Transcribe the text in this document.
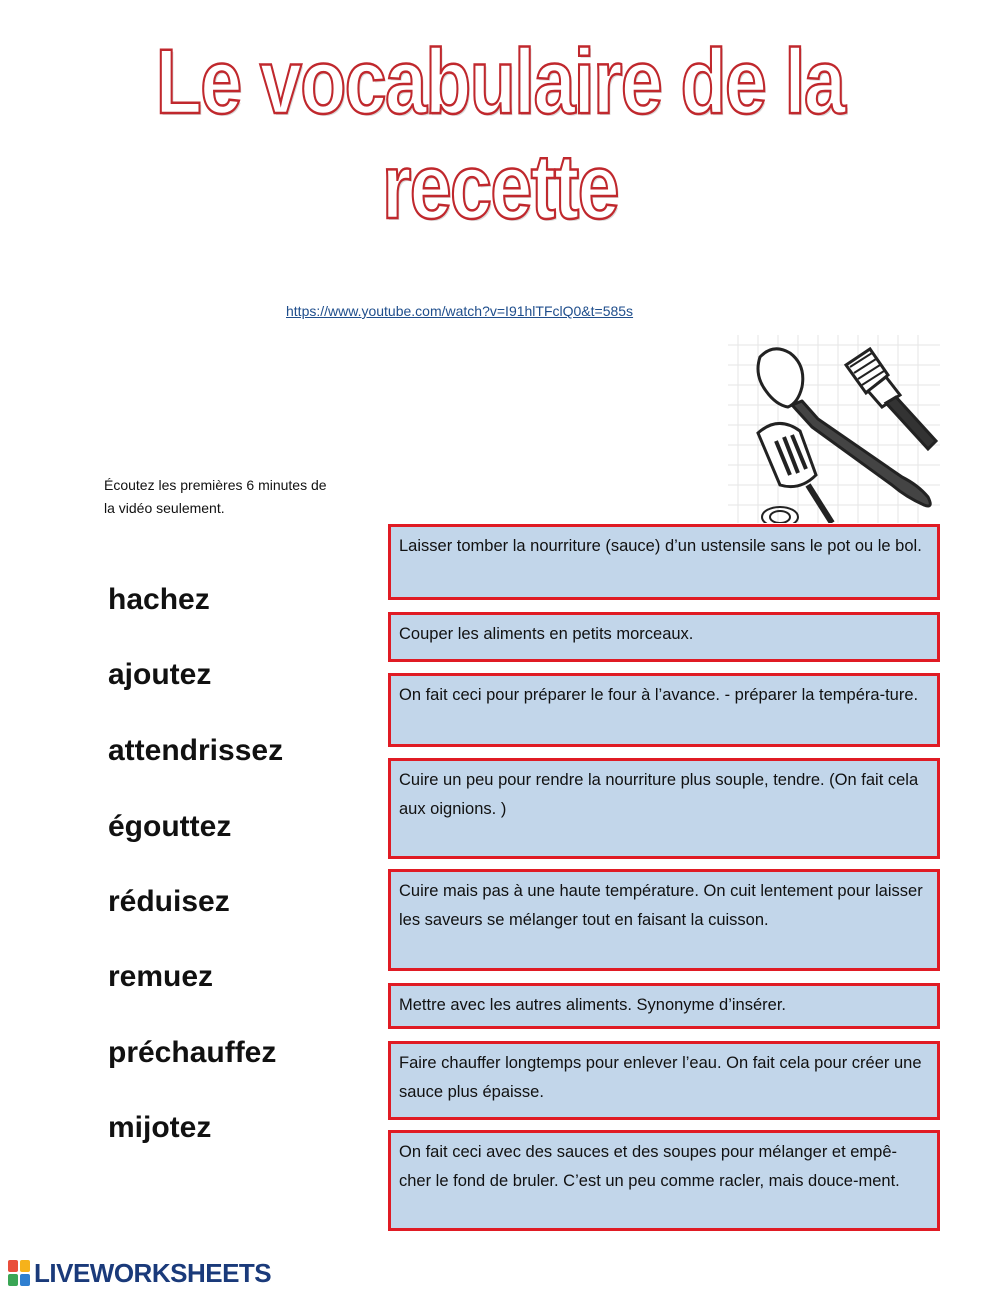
Le vocabulaire de la recette
https://www.youtube.com/watch?v=I91hlTFclQ0&t=585s
Écoutez les premières 6 minutes de la vidéo seulement.
hachez
ajoutez
attendrissez
égouttez
réduisez
remuez
préchauffez
mijotez
Laisser tomber la nourriture (sauce) d’un ustensile sans le pot ou le bol.
Couper les aliments en petits morceaux.
On fait ceci pour préparer le four à l’avance. - préparer la tempéra-ture.
Cuire un peu pour rendre la nourriture plus souple, tendre. (On fait cela aux oignions. )
Cuire mais pas à une haute température. On cuit lentement pour laisser les saveurs se mélanger tout en faisant la cuisson.
Mettre avec les autres aliments. Synonyme d’insérer.
Faire chauffer longtemps pour enlever l’eau. On fait cela pour créer une sauce plus épaisse.
On fait ceci avec des sauces et des soupes pour mélanger et empê-cher le fond de bruler. C’est un peu comme racler, mais douce-ment.
LIVEWORKSHEETS
